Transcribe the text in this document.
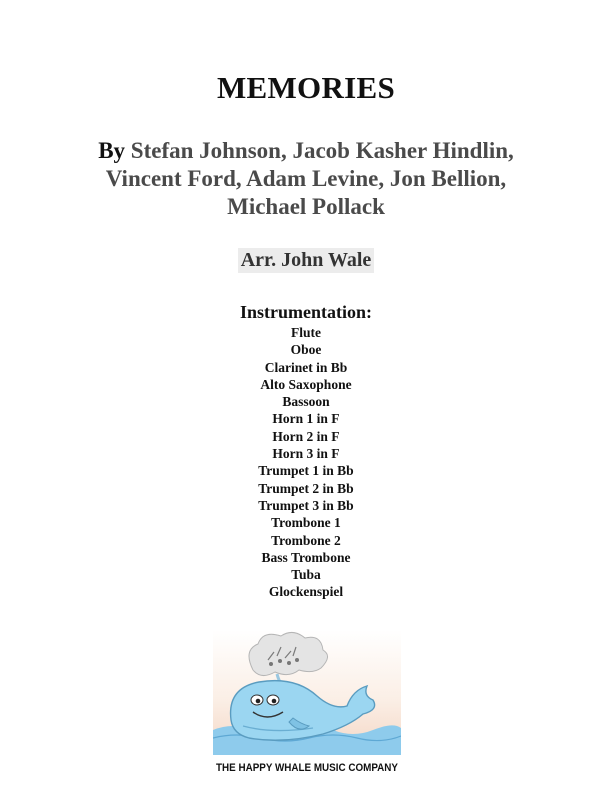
MEMORIES
By Stefan Johnson, Jacob Kasher Hindlin,
Vincent Ford, Adam Levine, Jon Bellion,
Michael Pollack
Arr. John Wale
Instrumentation:
Flute
Oboe
Clarinet in Bb
Alto Saxophone
Bassoon
Horn 1 in F
Horn 2 in F
Horn 3 in F
Trumpet 1 in Bb
Trumpet 2 in Bb
Trumpet 3 in Bb
Trombone 1
Trombone 2
Bass Trombone
Tuba
Glockenspiel
THE HAPPY WHALE MUSIC COMPANY
